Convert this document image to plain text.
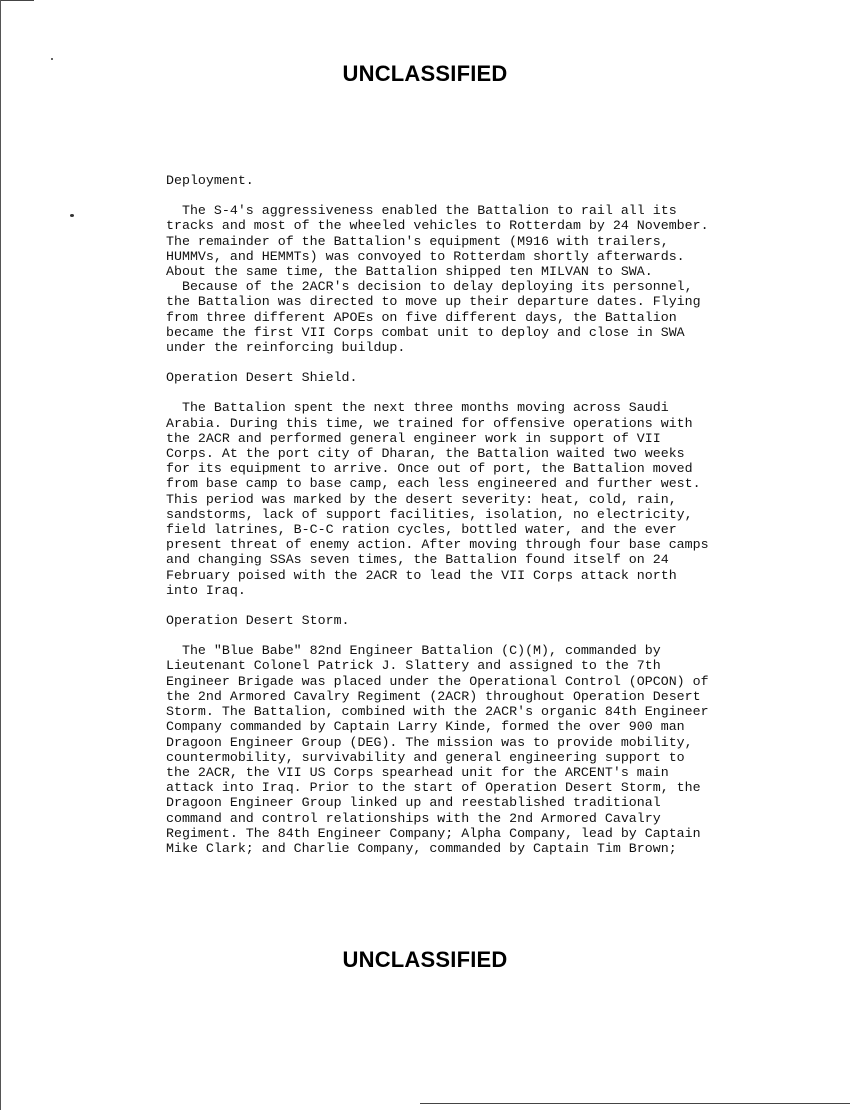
UNCLASSIFIED
Deployment.
The S-4's aggressiveness enabled the Battalion to rail all its
tracks and most of the wheeled vehicles to Rotterdam by 24 November.
The remainder of the Battalion's equipment (M916 with trailers,
HUMMVs, and HEMMTs) was convoyed to Rotterdam shortly afterwards.
About the same time, the Battalion shipped ten MILVAN to SWA.
Because of the 2ACR's decision to delay deploying its personnel,
the Battalion was directed to move up their departure dates. Flying
from three different APOEs on five different days, the Battalion
became the first VII Corps combat unit to deploy and close in SWA
under the reinforcing buildup.
Operation Desert Shield.
The Battalion spent the next three months moving across Saudi
Arabia. During this time, we trained for offensive operations with
the 2ACR and performed general engineer work in support of VII
Corps. At the port city of Dharan, the Battalion waited two weeks
for its equipment to arrive. Once out of port, the Battalion moved
from base camp to base camp, each less engineered and further west.
This period was marked by the desert severity: heat, cold, rain,
sandstorms, lack of support facilities, isolation, no electricity,
field latrines, B-C-C ration cycles, bottled water, and the ever
present threat of enemy action. After moving through four base camps
and changing SSAs seven times, the Battalion found itself on 24
February poised with the 2ACR to lead the VII Corps attack north
into Iraq.
Operation Desert Storm.
The "Blue Babe" 82nd Engineer Battalion (C)(M), commanded by
Lieutenant Colonel Patrick J. Slattery and assigned to the 7th
Engineer Brigade was placed under the Operational Control (OPCON) of
the 2nd Armored Cavalry Regiment (2ACR) throughout Operation Desert
Storm. The Battalion, combined with the 2ACR's organic 84th Engineer
Company commanded by Captain Larry Kinde, formed the over 900 man
Dragoon Engineer Group (DEG). The mission was to provide mobility,
countermobility, survivability and general engineering support to
the 2ACR, the VII US Corps spearhead unit for the ARCENT's main
attack into Iraq. Prior to the start of Operation Desert Storm, the
Dragoon Engineer Group linked up and reestablished traditional
command and control relationships with the 2nd Armored Cavalry
Regiment. The 84th Engineer Company; Alpha Company, lead by Captain
Mike Clark; and Charlie Company, commanded by Captain Tim Brown;
UNCLASSIFIED
